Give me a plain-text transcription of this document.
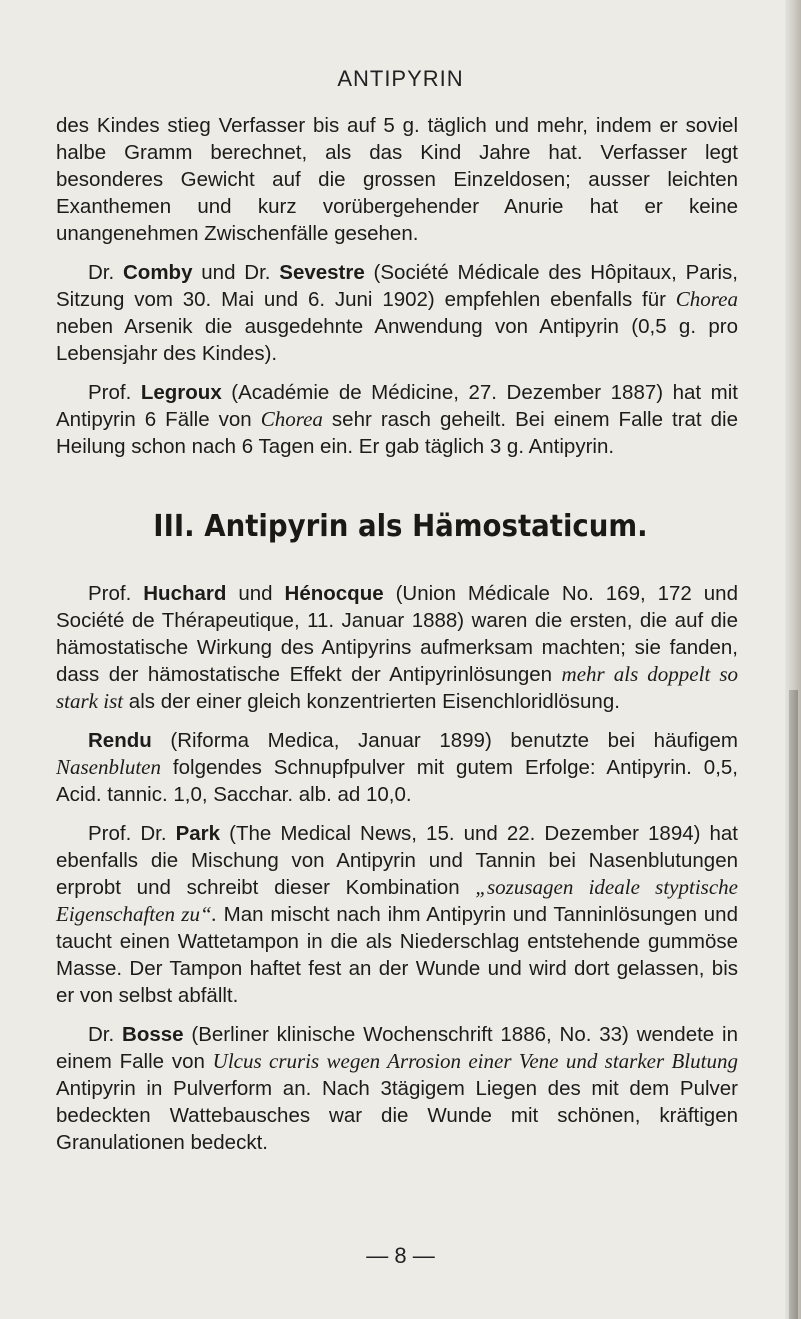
ANTIPYRIN

des Kindes stieg Verfasser bis auf 5 g. täglich und mehr, indem er soviel halbe Gramm berechnet, als das Kind Jahre hat. Verfasser legt besonderes Gewicht auf die grossen Einzeldosen; ausser leichten Exanthemen und kurz vorübergehender Anurie hat er keine unangenehmen Zwischenfälle gesehen.

Dr. Comby und Dr. Sevestre (Société Médicale des Hôpitaux, Paris, Sitzung vom 30. Mai und 6. Juni 1902) empfehlen ebenfalls für Chorea neben Arsenik die ausgedehnte Anwendung von Antipyrin (0,5 g. pro Lebensjahr des Kindes).

Prof. Legroux (Académie de Médicine, 27. Dezember 1887) hat mit Antipyrin 6 Fälle von Chorea sehr rasch geheilt. Bei einem Falle trat die Heilung schon nach 6 Tagen ein. Er gab täglich 3 g. Antipyrin.

III. Antipyrin als Hämostaticum.

Prof. Huchard und Hénocque (Union Médicale No. 169, 172 und Société de Thérapeutique, 11. Januar 1888) waren die ersten, die auf die hämostatische Wirkung des Antipyrins aufmerksam machten; sie fanden, dass der hämostatische Effekt der Antipyrinlösungen mehr als doppelt so stark ist als der einer gleich konzentrierten Eisenchloridlösung.

Rendu (Riforma Medica, Januar 1899) benutzte bei häufigem Nasenbluten folgendes Schnupfpulver mit gutem Erfolge: Antipyrin. 0,5, Acid. tannic. 1,0, Sacchar. alb. ad 10,0.

Prof. Dr. Park (The Medical News, 15. und 22. Dezember 1894) hat ebenfalls die Mischung von Antipyrin und Tannin bei Nasenblutungen erprobt und schreibt dieser Kombination „sozusagen ideale styptische Eigenschaften zu“. Man mischt nach ihm Antipyrin und Tanninlösungen und taucht einen Wattetampon in die als Niederschlag entstehende gummöse Masse. Der Tampon haftet fest an der Wunde und wird dort gelassen, bis er von selbst abfällt.

Dr. Bosse (Berliner klinische Wochenschrift 1886, No. 33) wendete in einem Falle von Ulcus cruris wegen Arrosion einer Vene und starker Blutung Antipyrin in Pulverform an. Nach 3tägigem Liegen des mit dem Pulver bedeckten Wattebausches war die Wunde mit schönen, kräftigen Granulationen bedeckt.

— 8 —
